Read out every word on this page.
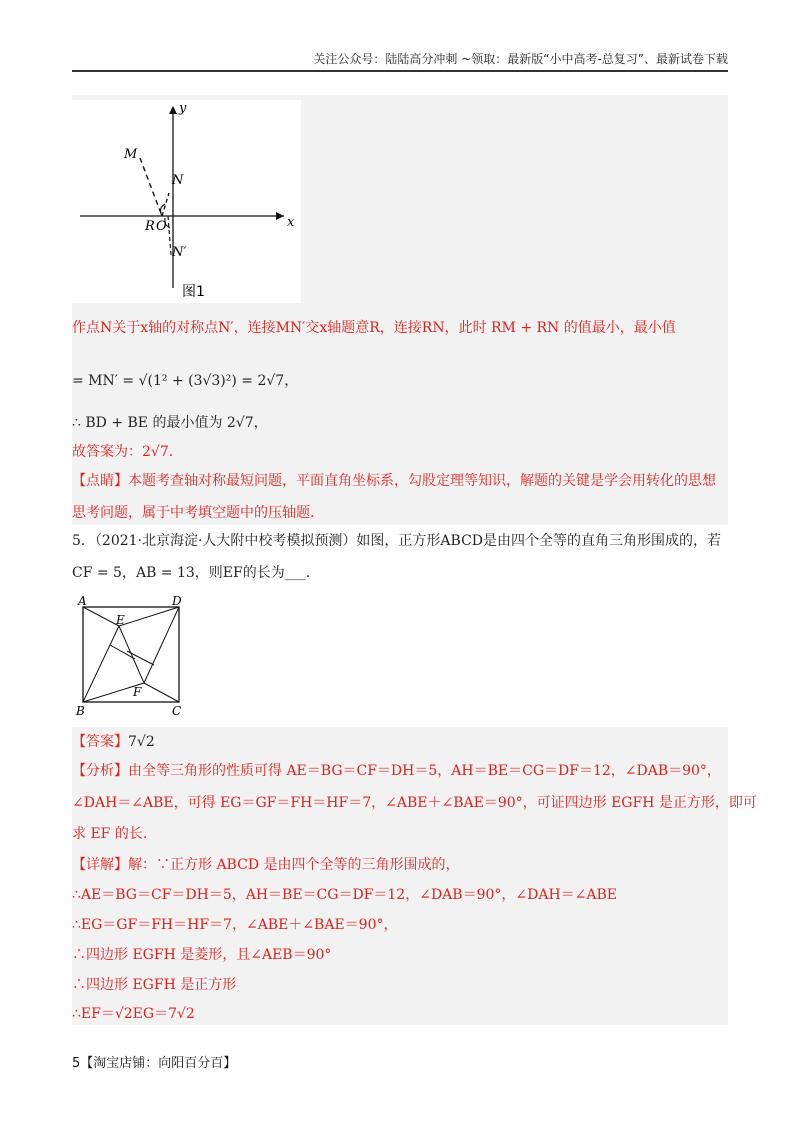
关注公众号：陆陆高分冲刺 ~领取：最新版“小中高考-总复习”、最新试卷下载
y
x
M
N
R O
N′
图1
作点N关于x轴的对称点N′，连接MN′交x轴题意R，连接RN，此时 RM + RN 的值最小，最小值
= MN′ = √(1² + (3√3)²) = 2√7，
∴ BD + BE 的最小值为 2√7，
故答案为：2√7.
【点睛】本题考查轴对称最短问题，平面直角坐标系，勾股定理等知识，解题的关键是学会用转化的思想
思考问题，属于中考填空题中的压轴题.
5．（2021·北京海淀·人大附中校考模拟预测）如图，正方形ABCD是由四个全等的直角三角形围成的，若
CF = 5，AB = 13，则EF的长为___.
A	D
E
F
B	C
【答案】7√2
【分析】由全等三角形的性质可得 AE＝BG＝CF＝DH＝5，AH＝BE＝CG＝DF＝12，∠DAB＝90°，
∠DAH＝∠ABE，可得 EG＝GF＝FH＝HF＝7，∠ABE＋∠BAE＝90°，可证四边形 EGFH 是正方形，即可
求 EF 的长.
【详解】解：∵正方形 ABCD 是由四个全等的三角形围成的，
∴AE＝BG＝CF＝DH＝5，AH＝BE＝CG＝DF＝12，∠DAB＝90°，∠DAH＝∠ABE
∴EG＝GF＝FH＝HF＝7，∠ABE＋∠BAE＝90°，
∴四边形 EGFH 是菱形，且∠AEB＝90°
∴四边形 EGFH 是正方形
∴EF＝√2EG＝7√2
5【淘宝店铺：向阳百分百】
